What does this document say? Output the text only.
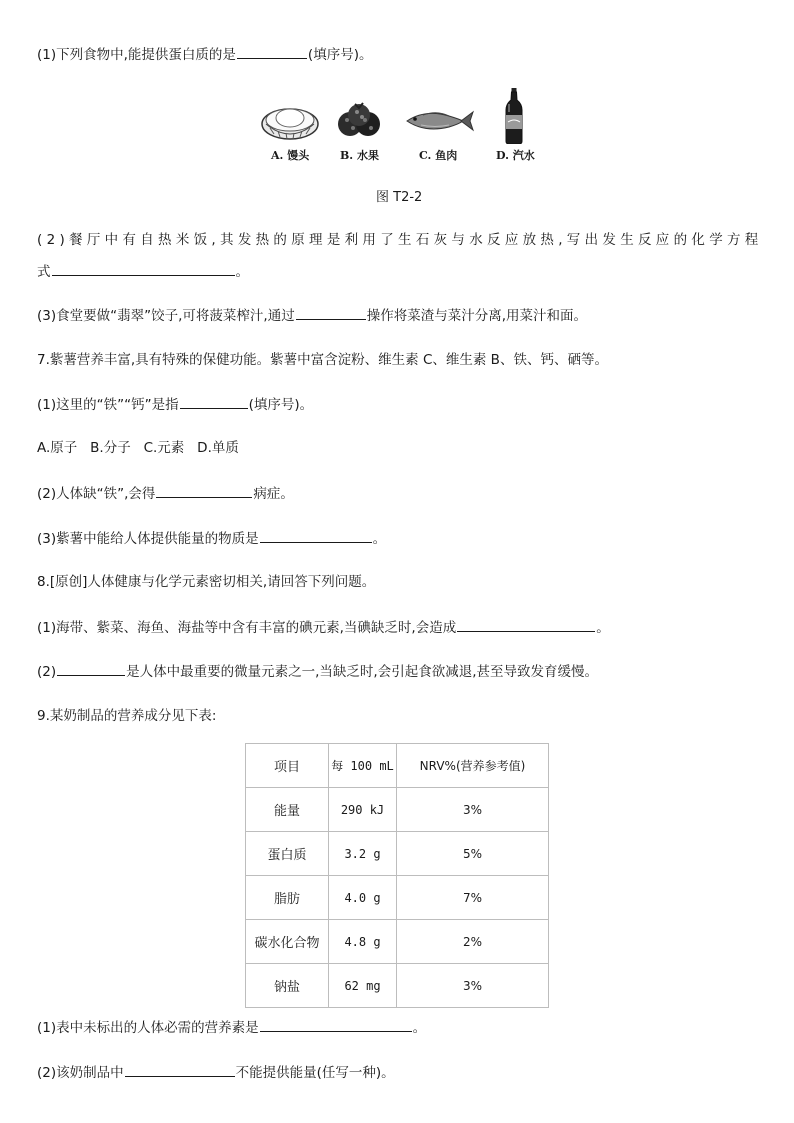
(1)下列食物中,能提供蛋白质的是	(填序号)。
A. 馒头	B. 水果	C. 鱼肉	D. 汽水
图 T2-2
(2)餐厅中有自热米饭,其发热的原理是利用了生石灰与水反应放热,写出发生反应的化学方程
式	。
(3)食堂要做“翡翠”饺子,可将菠菜榨汁,通过	操作将菜渣与菜汁分离,用菜汁和面。
7.紫薯营养丰富,具有特殊的保健功能。紫薯中富含淀粉、维生素 C、维生素 B、铁、钙、硒等。
(1)这里的“铁”“钙”是指	(填序号)。
A.原子   B.分子   C.元素   D.单质
(2)人体缺“铁”,会得	病症。
(3)紫薯中能给人体提供能量的物质是	。
8.[原创]人体健康与化学元素密切相关,请回答下列问题。
(1)海带、紫菜、海鱼、海盐等中含有丰富的碘元素,当碘缺乏时,会造成	。
(2)	是人体中最重要的微量元素之一,当缺乏时,会引起食欲减退,甚至导致发育缓慢。
9.某奶制品的营养成分见下表:
项目	每 100 mL	NRV%(营养参考值)
能量	290 kJ	3%
蛋白质	3.2 g	5%
脂肪	4.0 g	7%
碳水化合物	4.8 g	2%
钠盐	62 mg	3%
(1)表中未标出的人体必需的营养素是	。
(2)该奶制品中	不能提供能量(任写一种)。
